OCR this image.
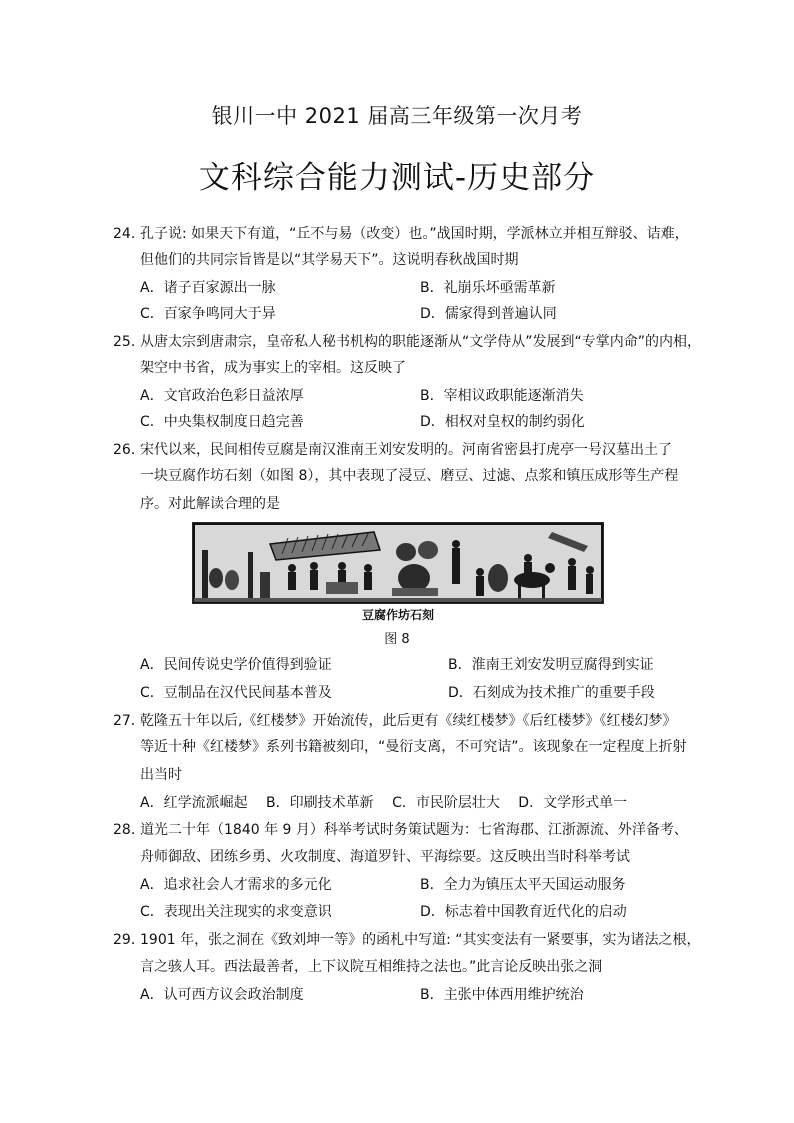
银川一中 2021 届高三年级第一次月考
文科综合能力测试-历史部分
24．
孔子说: 如果天下有道，“丘不与易（改变）也。”战国时期，学派林立并相互辩驳、诘难，
但他们的共同宗旨皆是以“其学易天下”。这说明春秋战国时期
A．诸子百家源出一脉	B．礼崩乐坏亟需革新
C．百家争鸣同大于异	D．儒家得到普遍认同
25．
从唐太宗到唐肃宗，皇帝私人秘书机构的职能逐渐从“文学侍从”发展到“专掌内命”的内相，
架空中书省，成为事实上的宰相。这反映了
A．文官政治色彩日益浓厚	B．宰相议政职能逐渐消失
C．中央集权制度日趋完善	D．相权对皇权的制约弱化
26．
宋代以来，民间相传豆腐是南汉淮南王刘安发明的。河南省密县打虎亭一号汉墓出土了
一块豆腐作坊石刻（如图 8），其中表现了浸豆、磨豆、过滤、点浆和镇压成形等生产程
序。对此解读合理的是
豆腐作坊石刻
图 8
A．民间传说史学价值得到验证	B．淮南王刘安发明豆腐得到实证
C．豆制品在汉代民间基本普及	D．石刻成为技术推广的重要手段
27．
乾隆五十年以后,《红楼梦》开始流传，此后更有《续红楼梦》《后红楼梦》《红楼幻梦》
等近十种《红楼梦》系列书籍被刻印，“曼衍支离，不可究诘”。该现象在一定程度上折射
出当时
A．红学流派崛起　 B．印刷技术革新　 C．市民阶层壮大　 D．文学形式单一
28．
道光二十年（1840 年 9 月）科举考试时务策试题为：七省海郡、江浙源流、外洋备考、
舟师御敌、团练乡勇、火攻制度、海道罗针、平海综要。这反映出当时科举考试
A．追求社会人才需求的多元化	B．全力为镇压太平天国运动服务
C．表现出关注现实的求变意识	D．标志着中国教育近代化的启动
29．
1901 年，张之洞在《致刘坤一等》的函札中写道: “其实变法有一紧要事，实为诸法之根，
言之骇人耳。西法最善者，上下议院互相维持之法也。”此言论反映出张之洞
A．认可西方议会政治制度	B．主张中体西用维护统治
